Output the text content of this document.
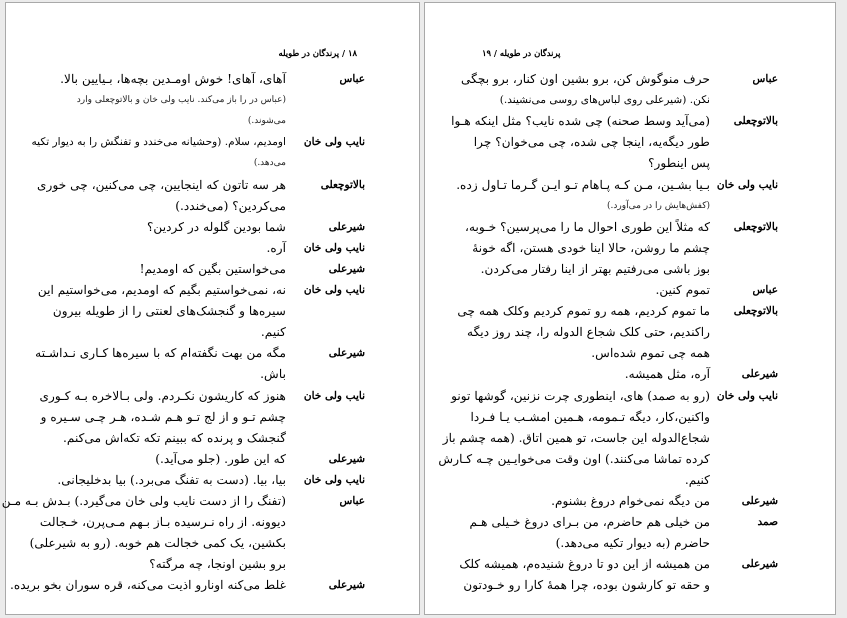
۱۸ / پرندگان در طویله
عباس
آهای، آهای! خوش اومـدین بچه‌ها، بـیایین بالا.
(عباس در را باز می‌کند. نایب ولی خان و بالاتوچعلی وارد
می‌شوند.)
نایب ولی خان
اومدیم، سلام. (وحشیانه می‌خندد و تفنگش را به دیوار تکیه
می‌دهد.)
بالاتوچعلی
هر سه تاتون که اینجایین، چی می‌کنین، چی خوری
می‌کردین؟ (می‌خندد.)
شیرعلی
شما بودین گلوله در کردین؟
نایب ولی خان
آره.
شیرعلی
می‌خواستین بگین که اومدیم!
نایب ولی خان
نه، نمی‌خواستیم بگیم که اومدیم، می‌خواستیم این
سیره‌ها و گنجشک‌های لعنتی را از طویله بیرون
کنیم.
شیرعلی
مگه من بهت نگفته‌ام که با سیره‌ها کـاری نـداشـته
باش.
نایب ولی خان
هنوز که کاریشون نکـردم. ولی بـالاخره بـه کـوری
چشم تـو و از لج تـو هـم شـده، هـر چـی سـیره و
گنجشک و پرنده که ببینم تکه تکه‌اش می‌کنم.
شیرعلی
که این طور. (جلو می‌آید.)
نایب ولی خان
بیا، بیا. (دست به تفنگ می‌برد.) بیا بدخلیجانی.
عباس
(تفنگ را از دست نایب ولی خان می‌گیرد.) بـدش بـه مـن
دیوونه. از راه نـرسیده بـاز بـهم مـی‌پرن، خـجالت
بکشین، یک کمی خجالت هم خوبه. (رو به شیرعلی)
برو بشین اونجا، چه مرگته؟
شیرعلی
غلط می‌کنه اونارو اذیت می‌کنه، قره سوران بخو بریده.
پرندگان در طویله / ۱۹
عباس
حرف منوگوش کن، برو بشین اون کنار، برو بچگی
نکن. (شیرعلی روی لباس‌های روسی می‌نشیند.)
بالاتوچعلی
(می‌آید وسط صحنه) چی شده نایب؟ مثل اینکه هـوا
طور دیگه‌یه، اینجا چی شده، چی می‌خوان؟ چرا
پس اینطور؟
نایب ولی خان
بـیا بشـین، مـن کـه پـاهام تـو ایـن گـرما تـاول زده.
(کفش‌هایش را در می‌آورد.)
بالاتوچعلی
که مثلاً این طوری احوال ما را می‌پرسین؟ خـوبه،
چشم ما روشن، حالا اینا خودی هستن، اگه خونهٔ
بوز باشی می‌رفتیم بهتر از اینا رفتار می‌کردن.
عباس
تموم کنین.
بالاتوچعلی
ما تموم کردیم، همه رو تموم کردیم وکلک همه چی
راکندیم، حتی کلک شجاع الدوله را، چند روز دیگه
همه چی تموم شده‌اس.
شیرعلی
آره، مثل همیشه.
نایب ولی خان
(رو به صمد) های، اینطوری چرت نزنین، گوشها تونو
واکنین،کار، دیگه تـمومه، هـمین امشـب یـا فـردا
شجاع‌الدوله این جاست، تو همین اتاق. (همه چشم باز
کرده تماشا می‌کنند.) اون وقت می‌خوایـین چـه کـارش
کنیم.
شیرعلی
من دیگه نمی‌خوام دروغ بشنوم.
صمد
من خیلی هم حاضرم، من بـرای دروغ خـیلی هـم
حاضرم (به دیوار تکیه می‌دهد.)
شیرعلی
من همیشه از این دو تا دروغ شنیده‌م، همیشه کلک
و حقه تو کارشون بوده، چرا همهٔ کارا رو خـودتون
